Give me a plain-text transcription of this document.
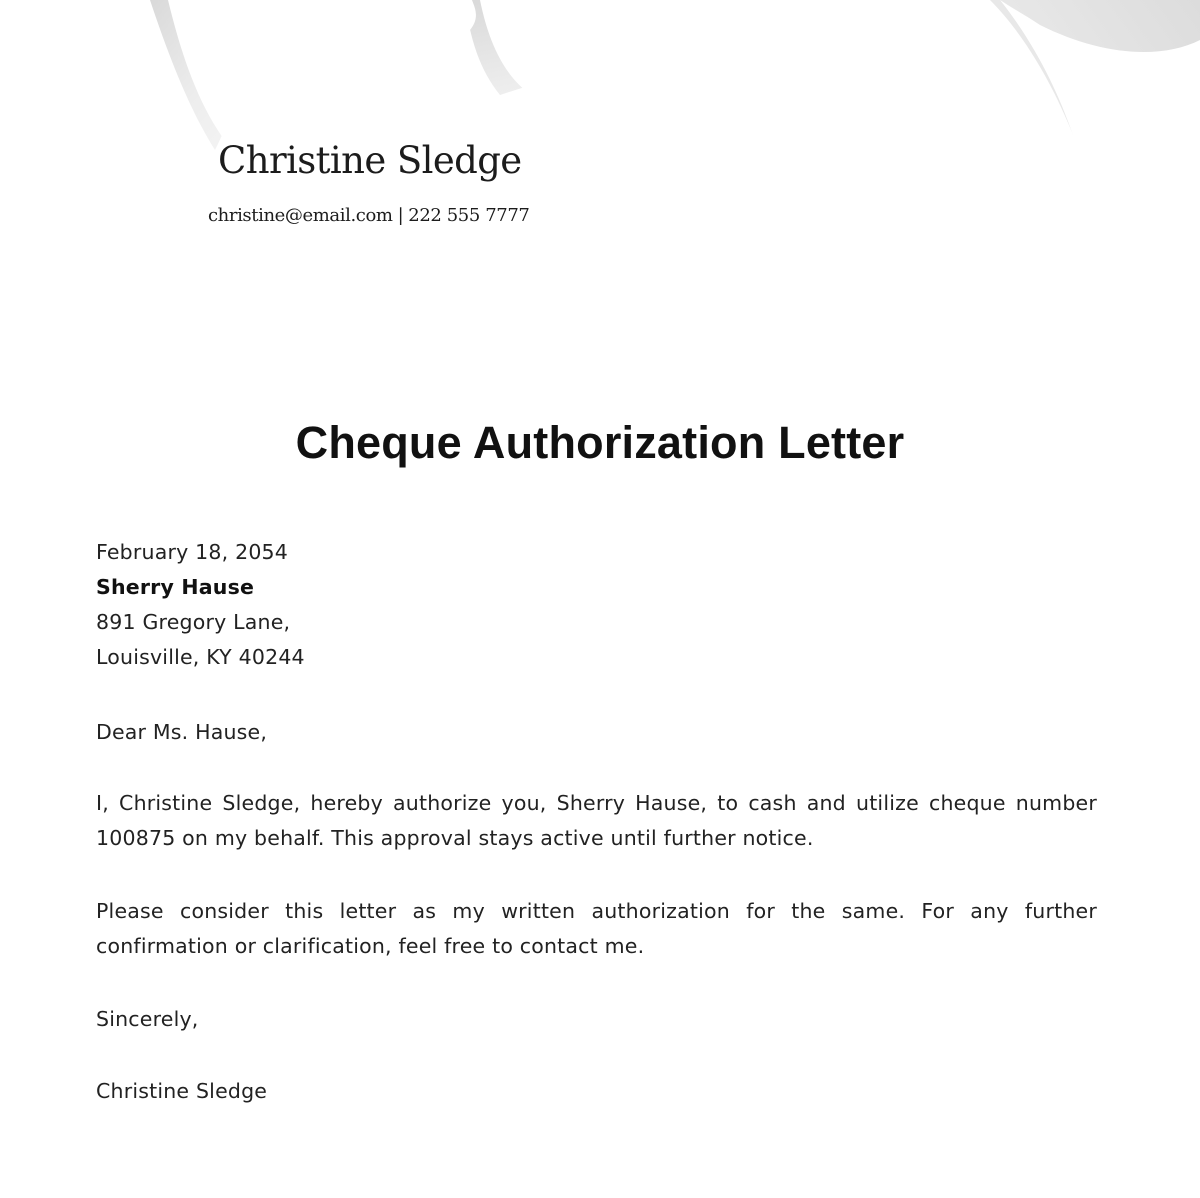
Christine Sledge
christine@email.com | 222 555 7777
Cheque Authorization Letter
February 18, 2054
Sherry Hause
891 Gregory Lane,
Louisville, KY 40244
Dear Ms. Hause,

I, Christine Sledge, hereby authorize you, Sherry Hause, to cash and utilize cheque number 100875 on my behalf. This approval stays active until further notice.

Please consider this letter as my written authorization for the same. For any further confirmation or clarification, feel free to contact me.

Sincerely,
Christine Sledge
